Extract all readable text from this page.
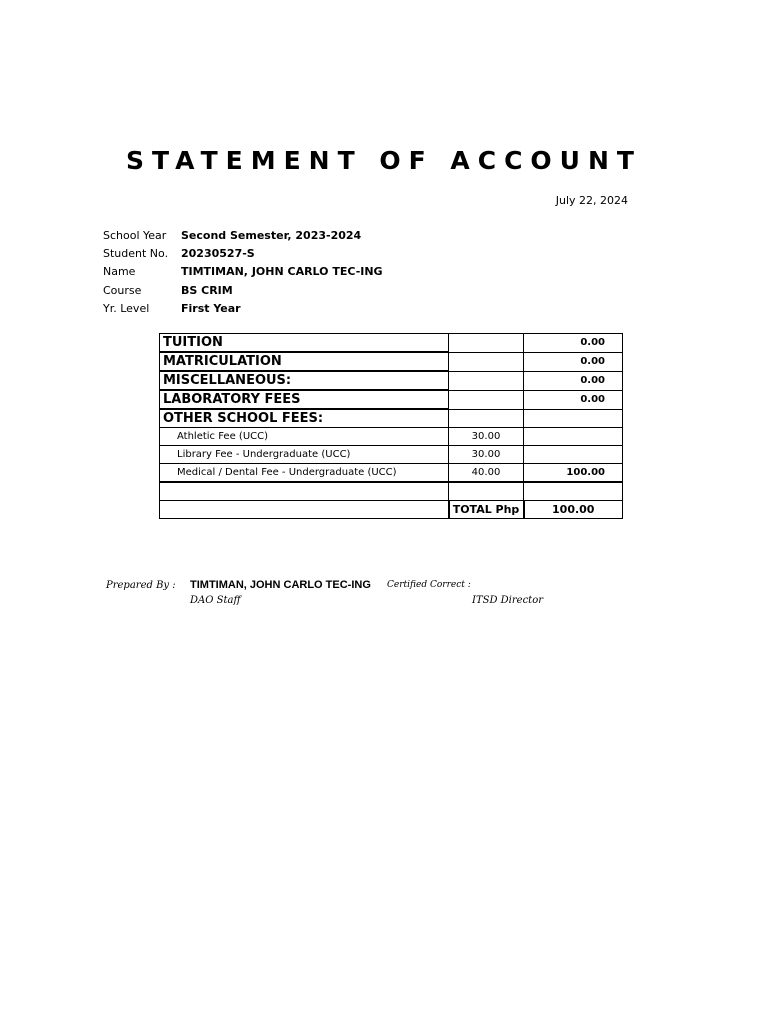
STATEMENT OF ACCOUNT
July 22, 2024
School Year	Second Semester, 2023-2024
Student No.	20230527-S
Name	TIMTIMAN, JOHN CARLO TEC-ING
Course	BS CRIM
Yr. Level	First Year
TUITION		0.00
MATRICULATION		0.00
MISCELLANEOUS:		0.00
LABORATORY FEES		0.00
OTHER SCHOOL FEES:		
Athletic Fee (UCC)	30.00	
Library Fee - Undergraduate (UCC)	30.00	
Medical / Dental Fee - Undergraduate (UCC)	40.00	100.00

	TOTAL Php	100.00
Prepared By : TIMTIMAN, JOHN CARLO TEC-ING
DAO Staff
Certified Correct :
ITSD Director
